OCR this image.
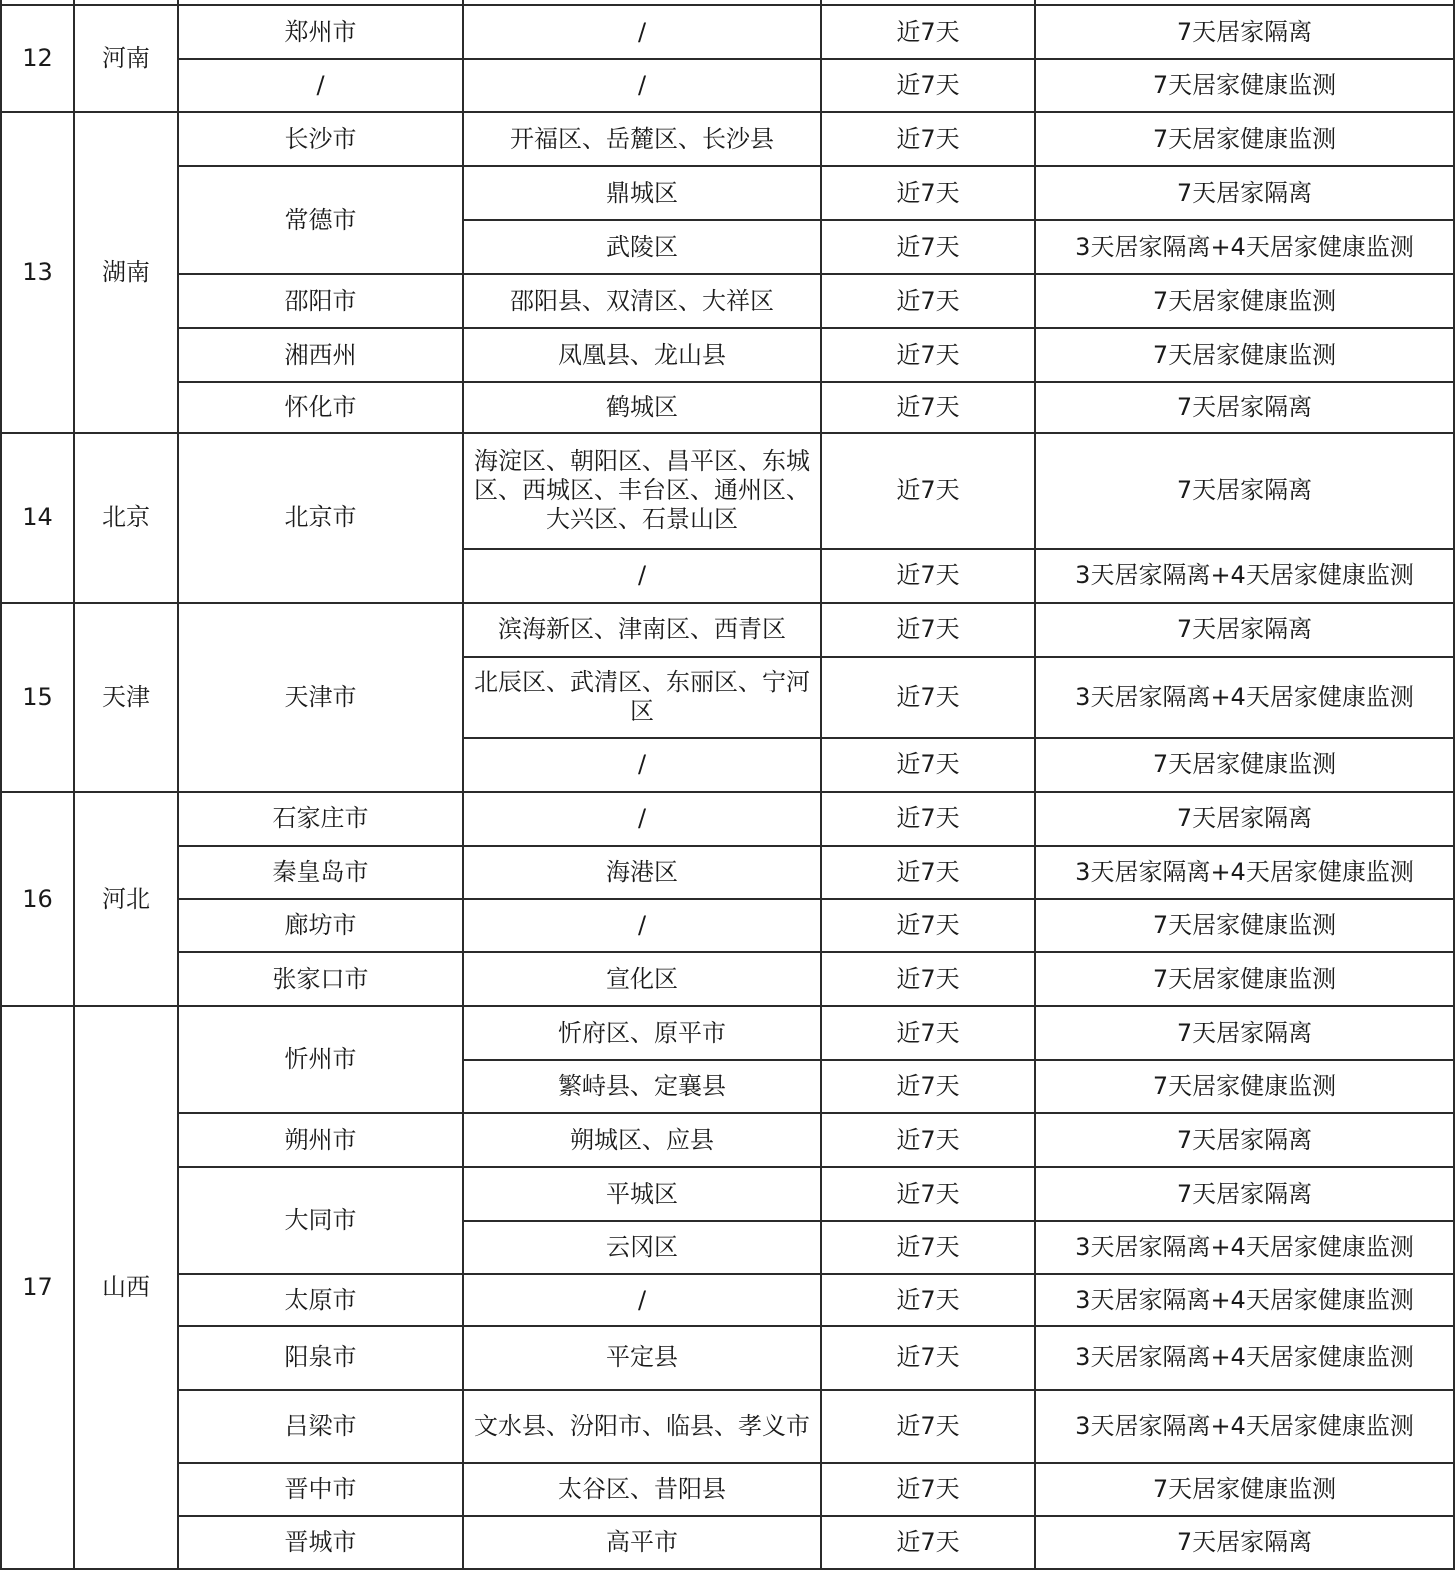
12	河南	郑州市	/	近7天	7天居家隔离
		/	/	近7天	7天居家健康监测
13	湖南	长沙市	开福区、岳麓区、长沙县	近7天	7天居家健康监测
		常德市	鼎城区	近7天	7天居家隔离
			武陵区	近7天	3天居家隔离+4天居家健康监测
		邵阳市	邵阳县、双清区、大祥区	近7天	7天居家健康监测
		湘西州	凤凰县、龙山县	近7天	7天居家健康监测
		怀化市	鹤城区	近7天	7天居家隔离
14	北京	北京市	海淀区、朝阳区、昌平区、东城区、西城区、丰台区、通州区、大兴区、石景山区	近7天	7天居家隔离
			/	近7天	3天居家隔离+4天居家健康监测
15	天津	天津市	滨海新区、津南区、西青区	近7天	7天居家隔离
			北辰区、武清区、东丽区、宁河区	近7天	3天居家隔离+4天居家健康监测
			/	近7天	7天居家健康监测
16	河北	石家庄市	/	近7天	7天居家隔离
		秦皇岛市	海港区	近7天	3天居家隔离+4天居家健康监测
		廊坊市	/	近7天	7天居家健康监测
		张家口市	宣化区	近7天	7天居家健康监测
17	山西	忻州市	忻府区、原平市	近7天	7天居家隔离
			繁峙县、定襄县	近7天	7天居家健康监测
		朔州市	朔城区、应县	近7天	7天居家隔离
		大同市	平城区	近7天	7天居家隔离
			云冈区	近7天	3天居家隔离+4天居家健康监测
		太原市	/	近7天	3天居家隔离+4天居家健康监测
		阳泉市	平定县	近7天	3天居家隔离+4天居家健康监测
		吕梁市	文水县、汾阳市、临县、孝义市	近7天	3天居家隔离+4天居家健康监测
		晋中市	太谷区、昔阳县	近7天	7天居家健康监测
		晋城市	高平市	近7天	7天居家隔离
